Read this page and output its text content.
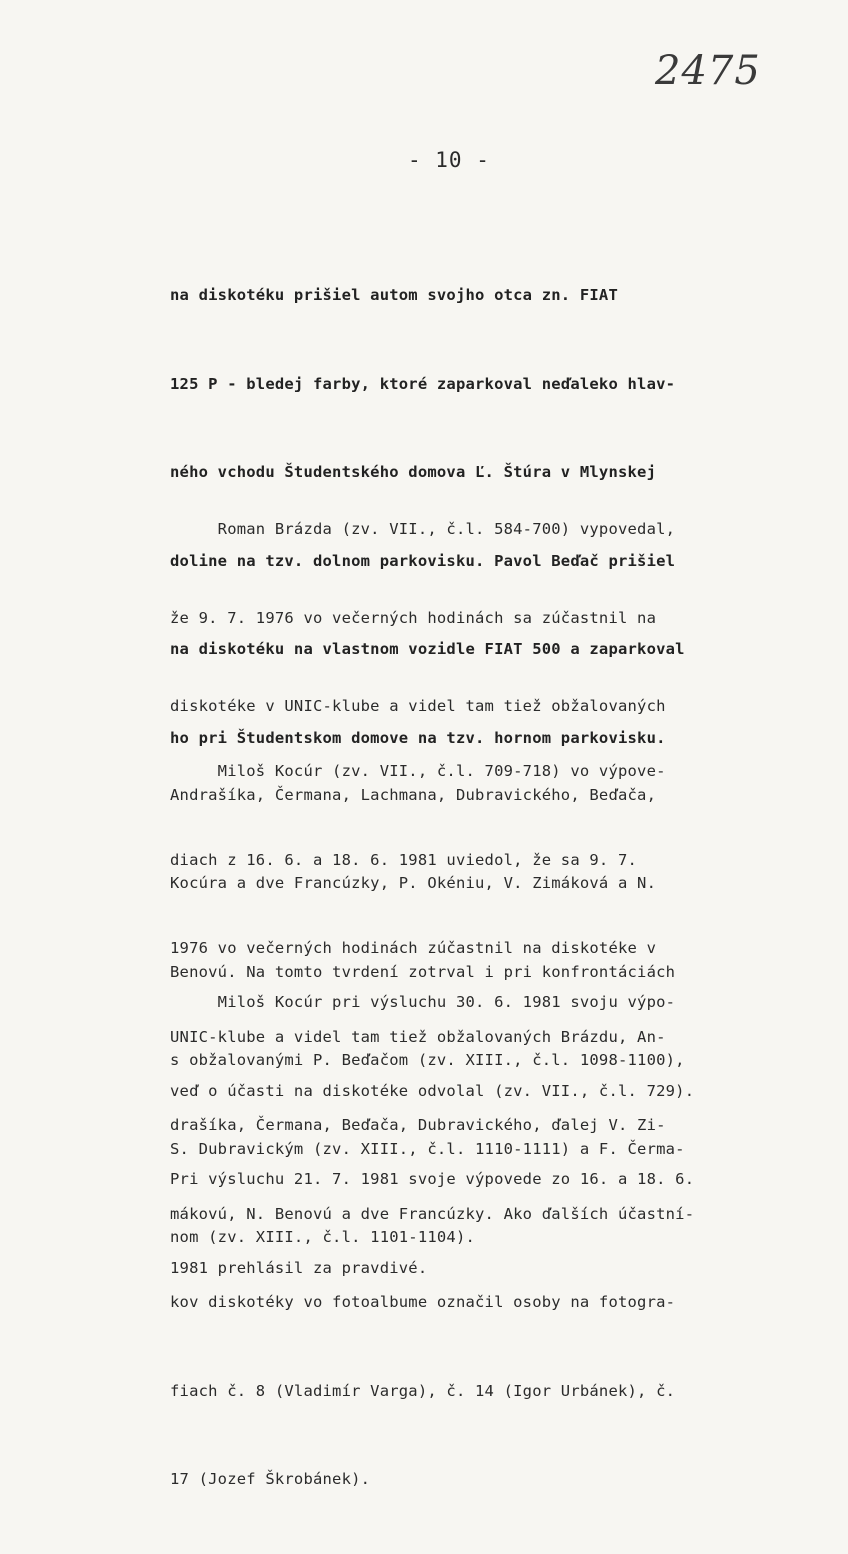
2475
- 10 -

na diskotéku prišiel autom svojho otca zn. FIAT

125 P - bledej farby, ktoré zaparkoval neďaleko hlav-

ného vchodu Študentského domova Ľ. Štúra v Mlynskej

doline na tzv. dolnom parkovisku. Pavol Beďač prišiel

na diskotéku na vlastnom vozidle FIAT 500 a zaparkoval

ho pri Študentskom domove na tzv. hornom parkovisku.

Roman Brázda (zv. VII., č.l. 584-700) vypovedal,

že 9. 7. 1976 vo večerných hodinách sa zúčastnil na

diskotéke v UNIC-klube a videl tam tiež obžalovaných

Andrašíka, Čermana, Lachmana, Dubravického, Beďača,

Kocúra a dve Francúzky, P. Okéniu, V. Zimáková a N.

Benovú. Na tomto tvrdení zotrval i pri konfrontáciách

s obžalovanými P. Beďačom (zv. XIII., č.l. 1098-1100),

S. Dubravickým (zv. XIII., č.l. 1110-1111) a F. Čerma-

nom (zv. XIII., č.l. 1101-1104).

Miloš Kocúr (zv. VII., č.l. 709-718) vo výpove-

diach z 16. 6. a 18. 6. 1981 uviedol, že sa 9. 7.

1976 vo večerných hodinách zúčastnil na diskotéke v

UNIC-klube a videl tam tiež obžalovaných Brázdu, An-

drašíka, Čermana, Beďača, Dubravického, ďalej V. Zi-

mákovú, N. Benovú a dve Francúzky. Ako ďalších účastní-

kov diskotéky vo fotoalbume označil osoby na fotogra-

fiach č. 8 (Vladimír Varga), č. 14 (Igor Urbánek), č.

17 (Jozef Škrobánek).

Miloš Kocúr pri výsluchu 30. 6. 1981 svoju výpo-

veď o účasti na diskotéke odvolal (zv. VII., č.l. 729).

Pri výsluchu 21. 7. 1981 svoje výpovede zo 16. a 18. 6.

1981 prehlásil za pravdivé.
